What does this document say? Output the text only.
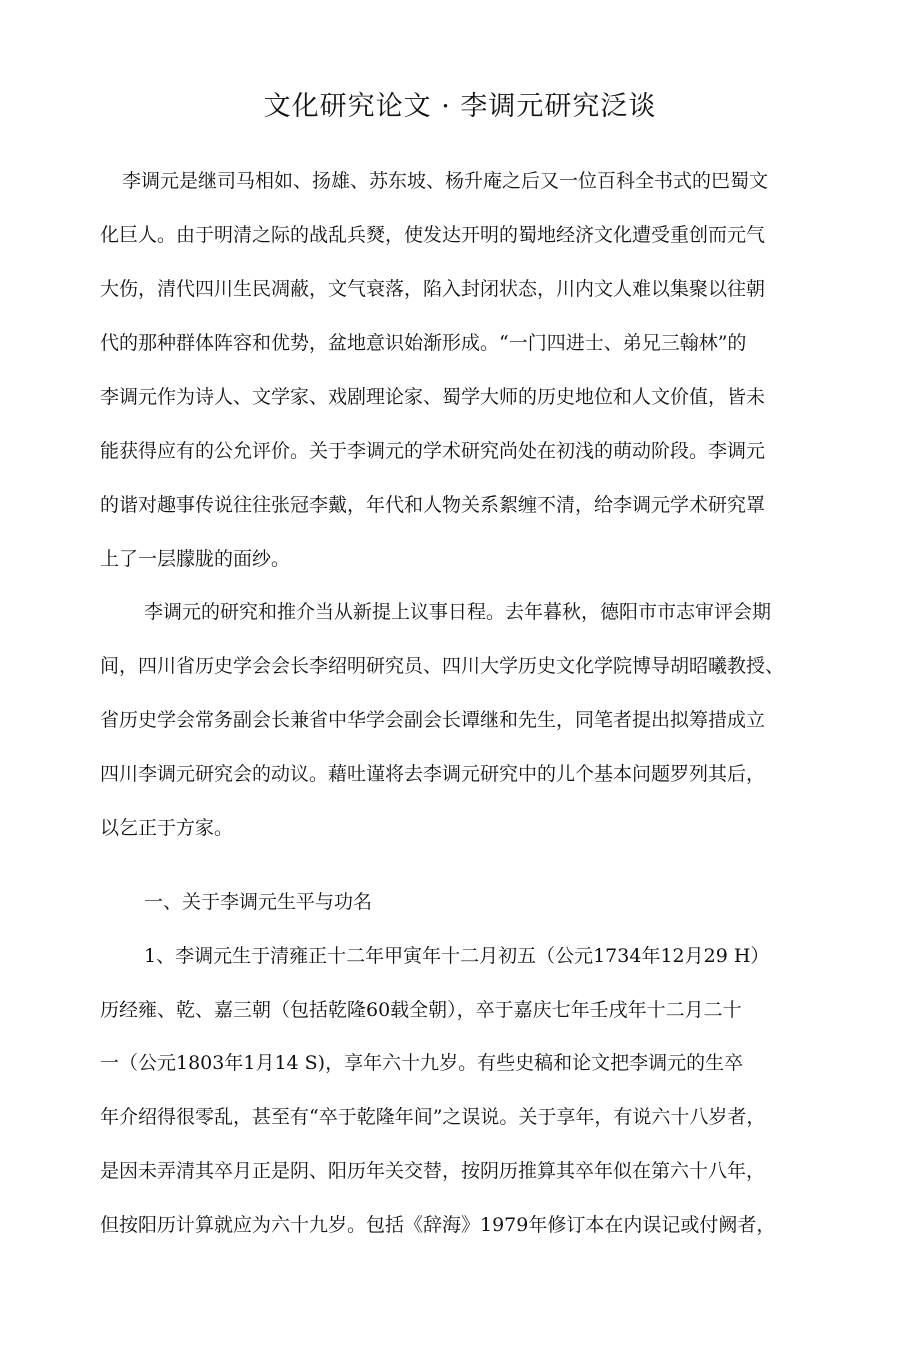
文化研究论文 · 李调元研究泛谈

李调元是继司马相如、扬雄、苏东坡、杨升庵之后又一位百科全书式的巴蜀文

化巨人。由于明清之际的战乱兵燹，使发达开明的蜀地经济文化遭受重创而元气

大伤，清代四川生民凋蔽，文气衰落，陷入封闭状态，川内文人难以集聚以往朝

代的那种群体阵容和优势，盆地意识始渐形成。“一门四进士、弟兄三翰林”的

李调元作为诗人、文学家、戏剧理论家、蜀学大师的历史地位和人文价值，皆未

能获得应有的公允评价。关于李调元的学术研究尚处在初浅的萌动阶段。李调元

的谐对趣事传说往往张冠李戴，年代和人物关系絮缠不清，给李调元学术研究罩

上了一层朦胧的面纱。

李调元的研究和推介当从新提上议事日程。去年暮秋，德阳市市志审评会期

间，四川省历史学会会长李绍明研究员、四川大学历史文化学院博导胡昭曦教授、

省历史学会常务副会长兼省中华学会副会长谭继和先生，同笔者提出拟筹措成立

四川李调元研究会的动议。藉吐谨将去李调元研究中的儿个基本问题罗列其后，

以乞正于方家。

一、关于李调元生平与功名

1、李调元生于清雍正十二年甲寅年十二月初五（公元1734年12月29 H）

历经雍、乾、嘉三朝（包括乾隆60载全朝），卒于嘉庆七年壬戌年十二月二十

一（公元1803年1月14 S)，享年六十九岁。有些史稿和论文把李调元的生卒

年介绍得很零乱，甚至有“卒于乾隆年间”之误说。关于享年，有说六十八岁者，

是因未弄清其卒月正是阴、阳历年关交替，按阴历推算其卒年似在第六十八年，

但按阳历计算就应为六十九岁。包括《辞海》1979年修订本在内误记或付阙者，
